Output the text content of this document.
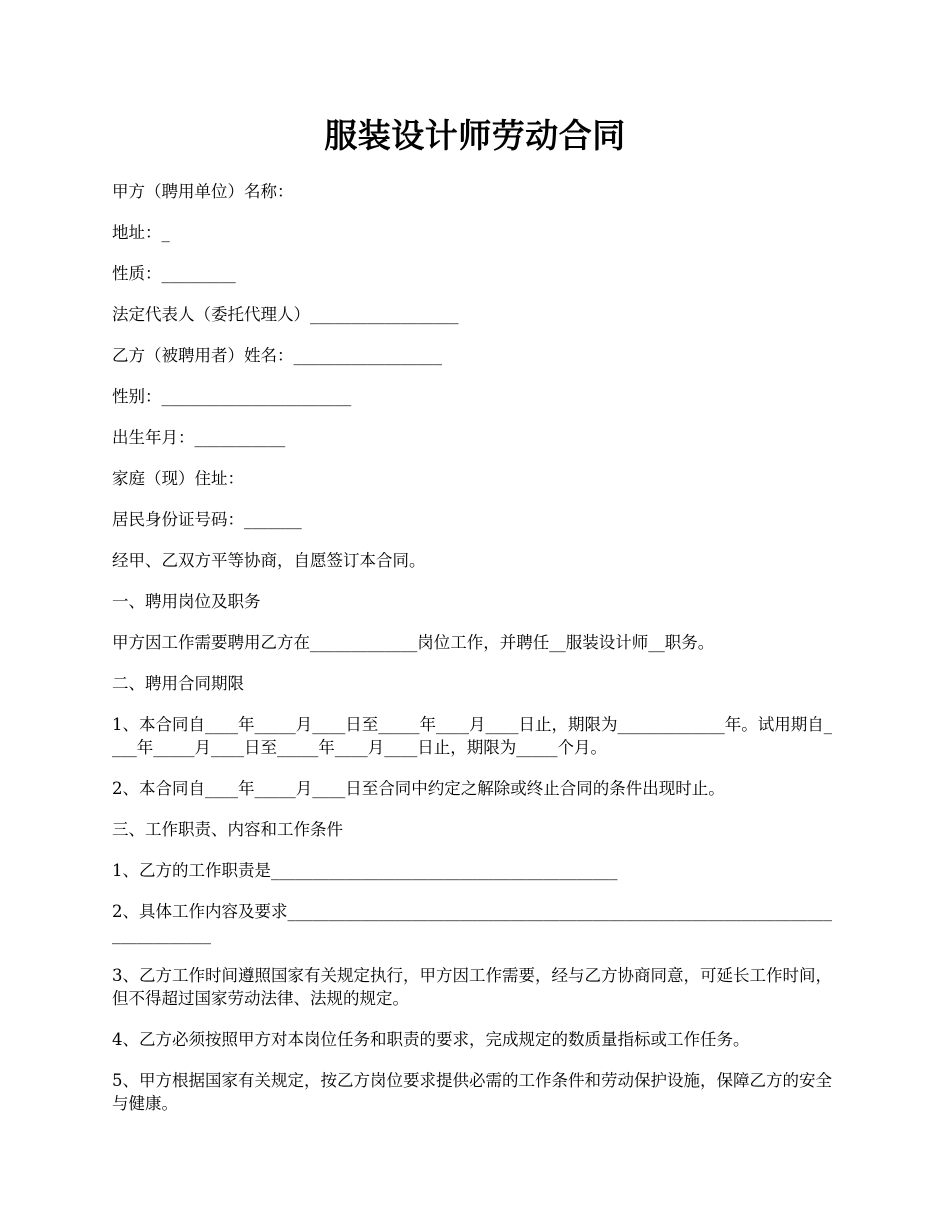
服装设计师劳动合同

甲方（聘用单位）名称：

地址：_

性质：_________

法定代表人（委托代理人）__________________

乙方（被聘用者）姓名：__________________

性别：_______________________

出生年月：___________

家庭（现）住址：

居民身份证号码：_______

经甲、乙双方平等协商，自愿签订本合同。

一、聘用岗位及职务

甲方因工作需要聘用乙方在_____________岗位工作，并聘任__服装设计师__职务。

二、聘用合同期限

1、本合同自____年_____月____日至_____年____月____日止，期限为_____________年。试用期自____年_____月____日至_____年____月____日止，期限为_____个月。

2、本合同自____年_____月____日至合同中约定之解除或终止合同的条件出现时止。

三、工作职责、内容和工作条件

1、乙方的工作职责是__________________________________________

2、具体工作内容及要求______________________________________________________________________________

3、乙方工作时间遵照国家有关规定执行，甲方因工作需要，经与乙方协商同意，可延长工作时间，但不得超过国家劳动法律、法规的规定。

4、乙方必须按照甲方对本岗位任务和职责的要求，完成规定的数质量指标或工作任务。

5、甲方根据国家有关规定，按乙方岗位要求提供必需的工作条件和劳动保护设施，保障乙方的安全与健康。
